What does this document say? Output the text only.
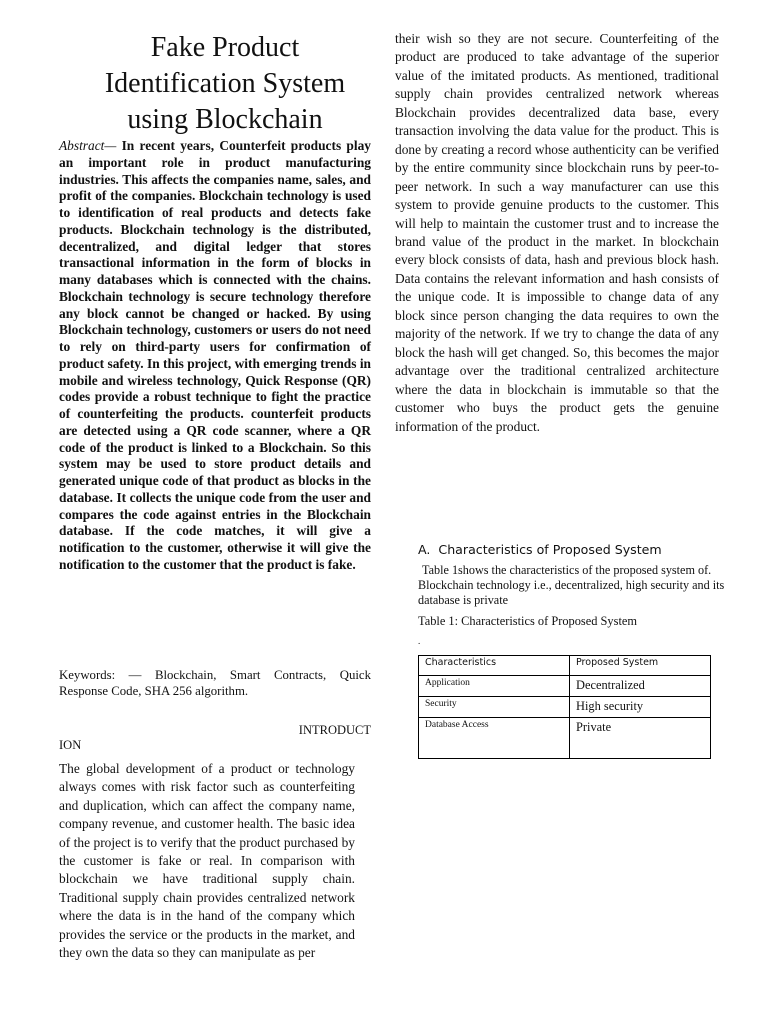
Fake Product Identification System using Blockchain

Abstract— In recent years, Counterfeit products play an important role in product manufacturing industries. This affects the companies name, sales, and profit of the companies. Blockchain technology is used to identification of real products and detects fake products. Blockchain technology is the distributed, decentralized, and digital ledger that stores transactional information in the form of blocks in many databases which is connected with the chains. Blockchain technology is secure technology therefore any block cannot be changed or hacked. By using Blockchain technology, customers or users do not need to rely on third-party users for confirmation of product safety. In this project, with emerging trends in mobile and wireless technology, Quick Response (QR) codes provide a robust technique to fight the practice of counterfeiting the products. counterfeit products are detected using a QR code scanner, where a QR code of the product is linked to a Blockchain. So this system may be used to store product details and generated unique code of that product as blocks in the database. It collects the unique code from the user and compares the code against entries in the Blockchain database. If the code matches, it will give a notification to the customer, otherwise it will give the notification to the customer that the product is fake.

Keywords: — Blockchain, Smart Contracts, Quick Response Code, SHA 256 algorithm.

INTRODUCT
ION

The global development of a product or technology always comes with risk factor such as counterfeiting and duplication, which can affect the company name, company revenue, and customer health. The basic idea of the project is to verify that the product purchased by the customer is fake or real. In comparison with blockchain we have traditional supply chain. Traditional supply chain provides centralized network where the data is in the hand of the company which provides the service or the products in the market, and they own the data so they can manipulate as per

their wish so they are not secure. Counterfeiting of the product are produced to take advantage of the superior value of the imitated products. As mentioned, traditional supply chain provides centralized network whereas Blockchain provides decentralized data base, every transaction involving the data value for the product. This is done by creating a record whose authenticity can be verified by the entire community since blockchain runs by peer-to-peer network. In such a way manufacturer can use this system to provide genuine products to the customer. This will help to maintain the customer trust and to increase the brand value of the product in the market. In blockchain every block consists of data, hash and previous block hash. Data contains the relevant information and hash consists of the unique code. It is impossible to change data of any block since person changing the data requires to own the majority of the network. If we try to change the data of any block the hash will get changed. So, this becomes the major advantage over the traditional centralized architecture where the data in blockchain is immutable so that the customer who buys the product gets the genuine information of the product.

A. Characteristics of Proposed System

Table 1shows the characteristics of the proposed system of. Blockchain technology i.e., decentralized, high security and its database is private

Table 1: Characteristics of Proposed System

.

Characteristics	Proposed System
Application	Decentralized
Security	High security
Database Access	Private
